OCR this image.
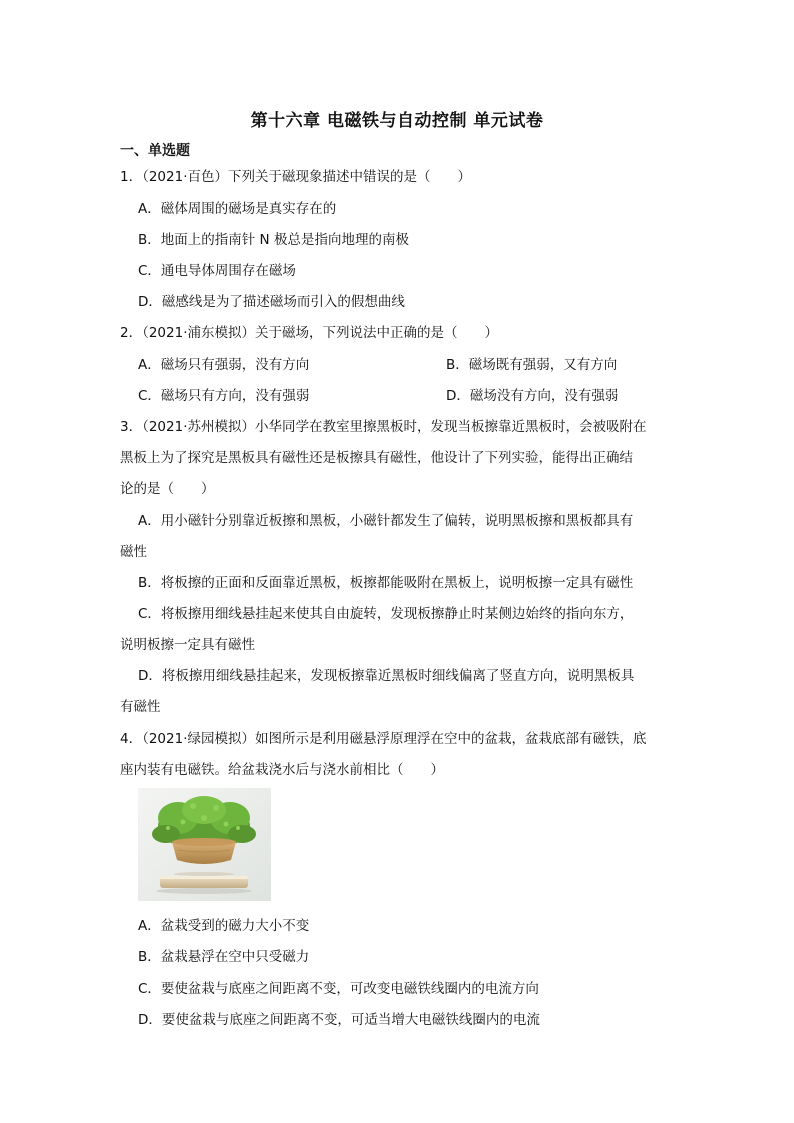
第十六章 电磁铁与自动控制 单元试卷
一、单选题
1．（2021·百色）下列关于磁现象描述中错误的是（　　）
A．磁体周围的磁场是真实存在的
B．地面上的指南针 N 极总是指向地理的南极
C．通电导体周围存在磁场
D．磁感线是为了描述磁场而引入的假想曲线
2．（2021·浦东模拟）关于磁场，下列说法中正确的是（　　）
A．磁场只有强弱，没有方向	B．磁场既有强弱，又有方向
C．磁场只有方向，没有强弱	D．磁场没有方向，没有强弱
3．（2021·苏州模拟）小华同学在教室里擦黑板时，发现当板擦靠近黑板时，会被吸附在
黑板上为了探究是黑板具有磁性还是板擦具有磁性，他设计了下列实验，能得出正确结
论的是（　　）
A．用小磁针分别靠近板擦和黑板，小磁针都发生了偏转，说明黑板擦和黑板都具有
磁性
B．将板擦的正面和反面靠近黑板，板擦都能吸附在黑板上，说明板擦一定具有磁性
C．将板擦用细线悬挂起来使其自由旋转，发现板擦静止时某侧边始终的指向东方，
说明板擦一定具有磁性
D．将板擦用细线悬挂起来，发现板擦靠近黑板时细线偏离了竖直方向，说明黑板具
有磁性
4．（2021·绿园模拟）如图所示是利用磁悬浮原理浮在空中的盆栽，盆栽底部有磁铁，底
座内装有电磁铁。给盆栽浇水后与浇水前相比（　　）
A．盆栽受到的磁力大小不变
B．盆栽悬浮在空中只受磁力
C．要使盆栽与底座之间距离不变，可改变电磁铁线圈内的电流方向
D．要使盆栽与底座之间距离不变，可适当增大电磁铁线圈内的电流
